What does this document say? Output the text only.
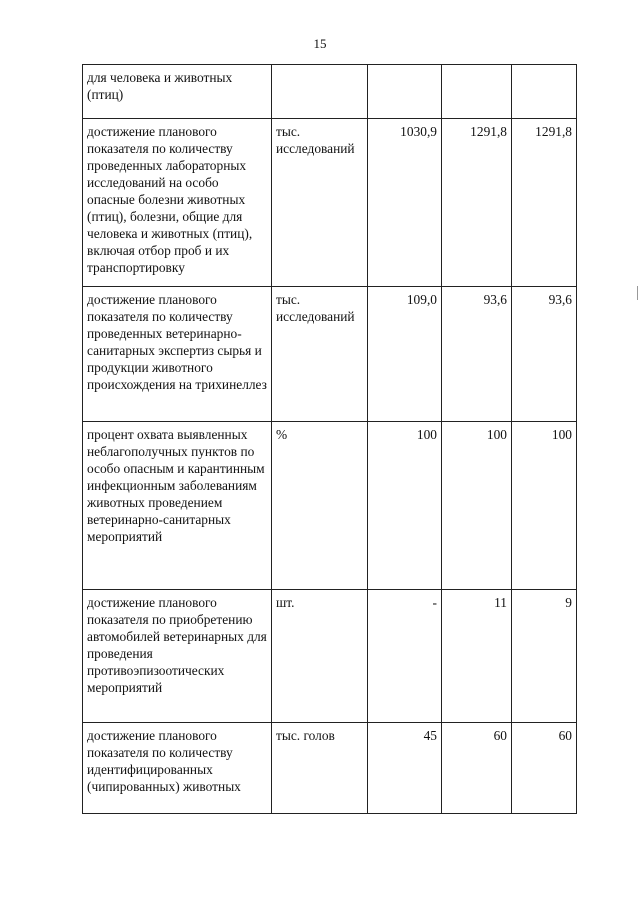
15
для человека и животных (птиц)				
достижение планового показателя по количеству проведенных лабораторных исследований на особо опасные болезни животных (птиц), болезни, общие для человека и животных (птиц), включая отбор проб и их транспортировку	тыс. исследований	1030,9	1291,8	1291,8
достижение планового показателя по количеству проведенных ветеринарно-санитарных экспертиз сырья и продукции животного происхождения на трихинеллез	тыс. исследований	109,0	93,6	93,6
процент охвата выявленных неблагополучных пунктов по особо опасным и карантинным инфекционным заболеваниям животных проведением ветеринарно-санитарных мероприятий	%	100	100	100
достижение планового показателя по приобретению автомобилей ветеринарных для проведения противоэпизоотических мероприятий	шт.	-	11	9
достижение планового показателя по количеству идентифицированных (чипированных) животных	тыс. голов	45	60	60
